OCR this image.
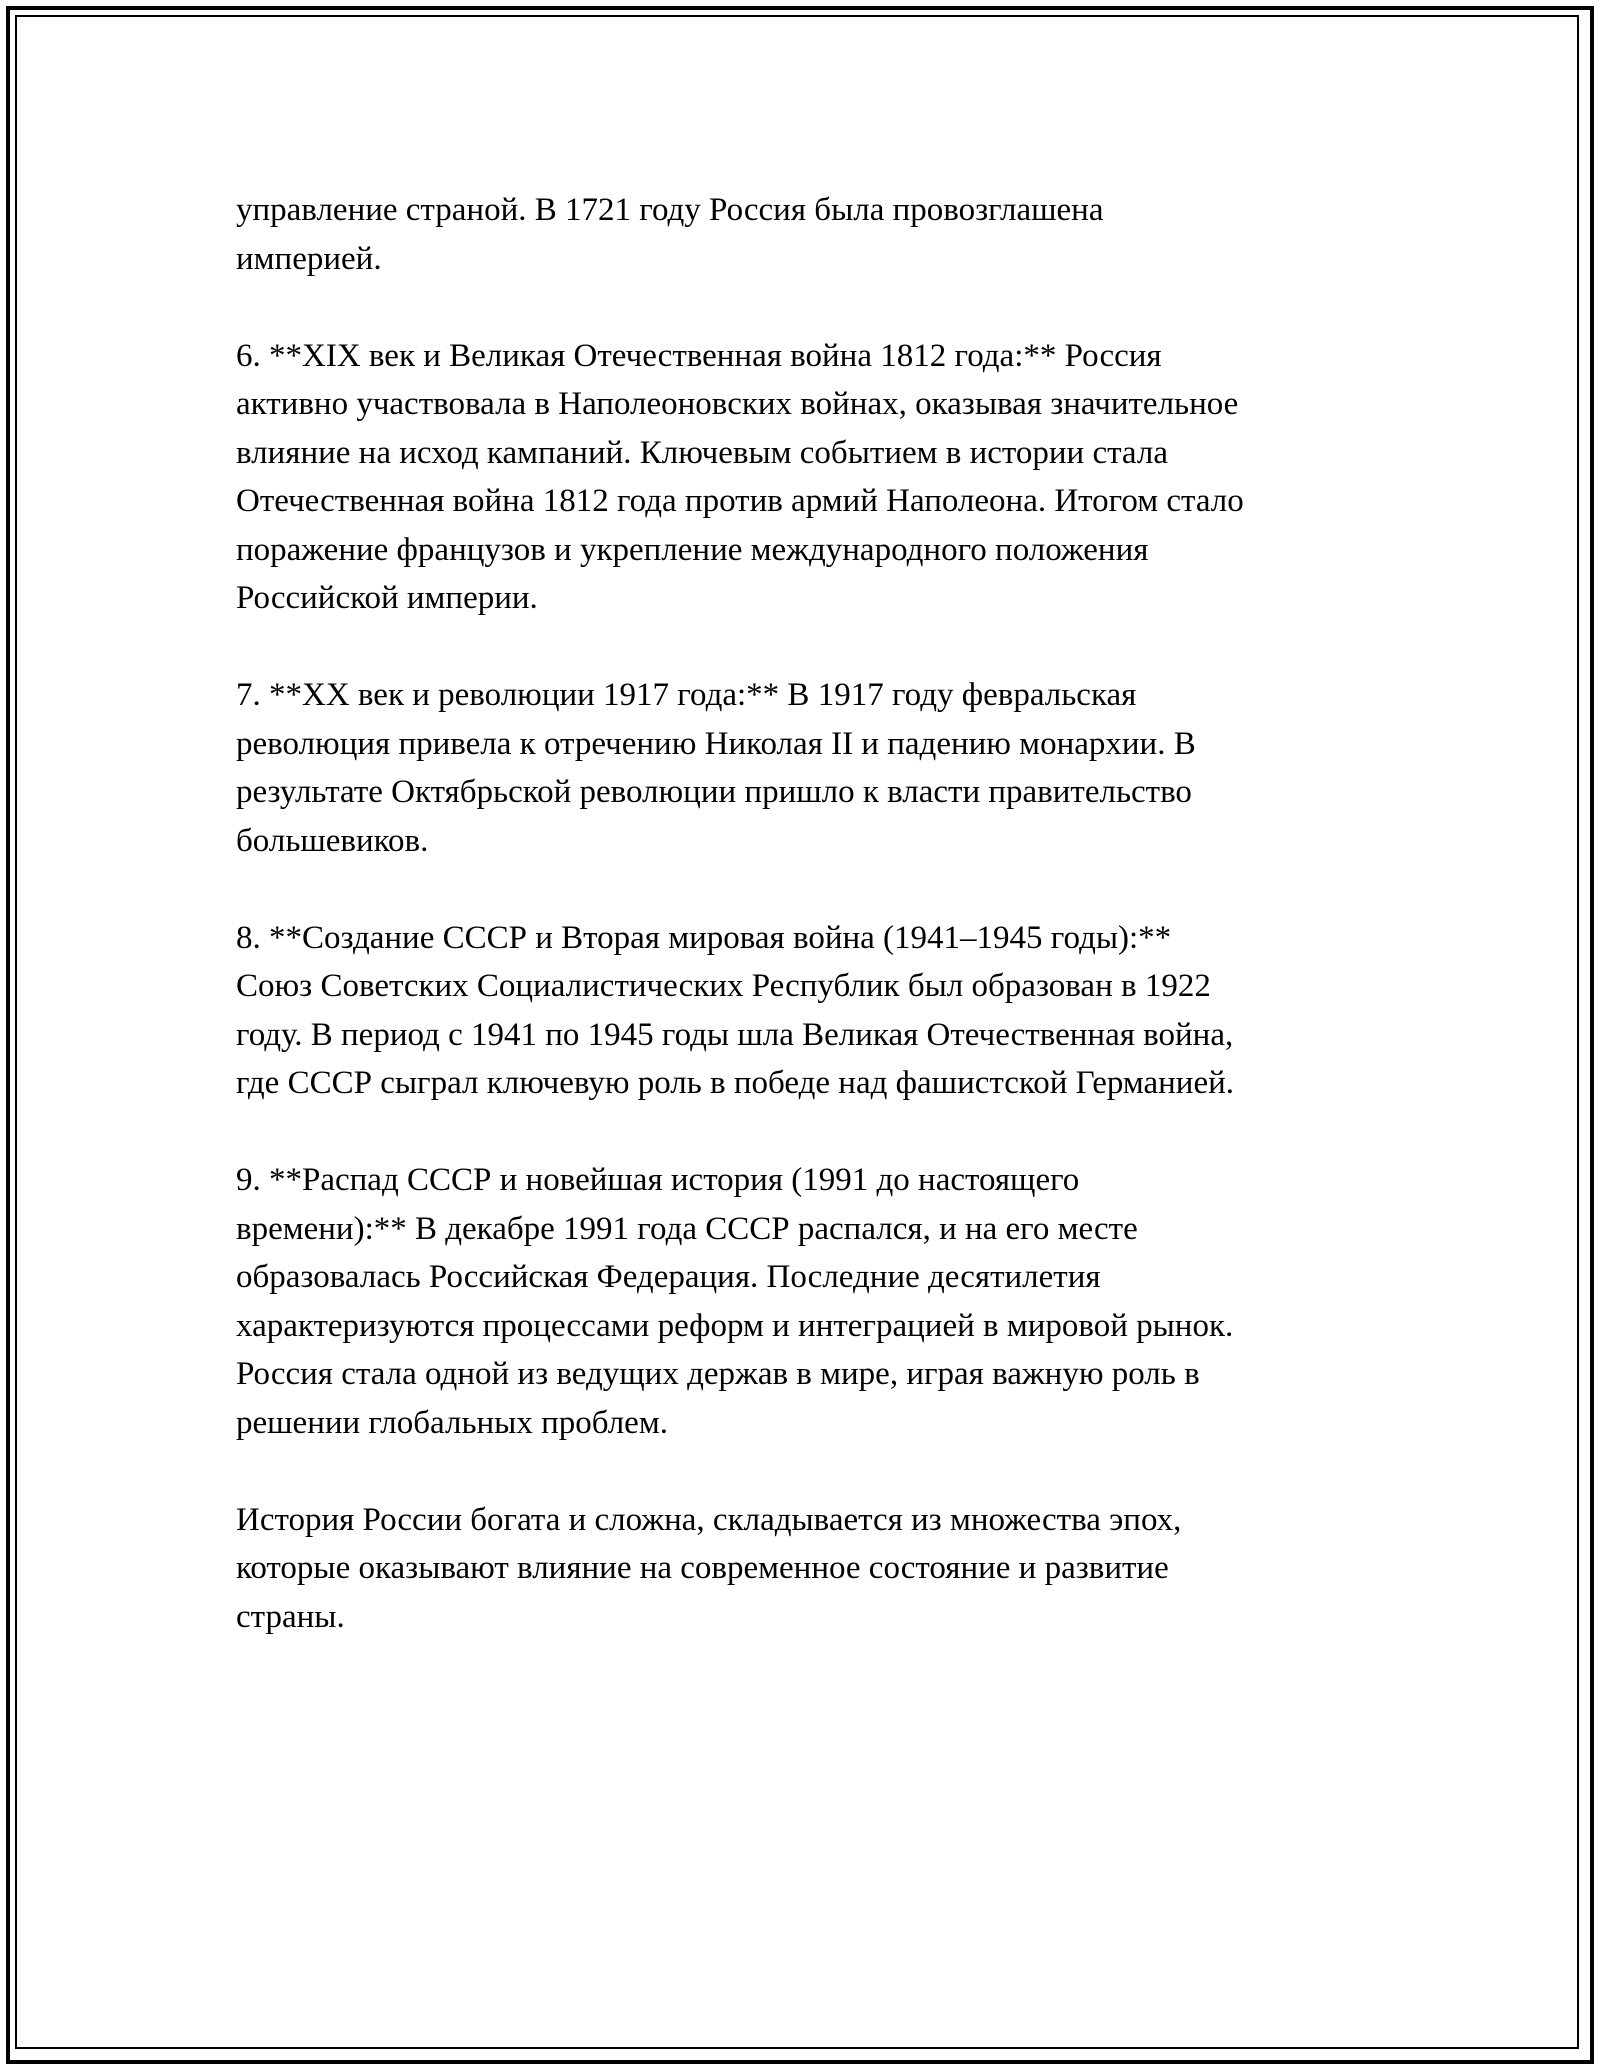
управление страной. В 1721 году Россия была провозглашена
империей.

6. **XIX век и Великая Отечественная война 1812 года:** Россия
активно участвовала в Наполеоновских войнах, оказывая значительное
влияние на исход кампаний. Ключевым событием в истории стала
Отечественная война 1812 года против армий Наполеона. Итогом стало
поражение французов и укрепление международного положения
Российской империи.

7. **XX век и революции 1917 года:** В 1917 году февральская
революция привела к отречению Николая II и падению монархии. В
результате Октябрьской революции пришло к власти правительство
большевиков.

8. **Создание СССР и Вторая мировая война (1941–1945 годы):**
Союз Советских Социалистических Республик был образован в 1922
году. В период с 1941 по 1945 годы шла Великая Отечественная война,
где СССР сыграл ключевую роль в победе над фашистской Германией.

9. **Распад СССР и новейшая история (1991 до настоящего
времени):** В декабре 1991 года СССР распался, и на его месте
образовалась Российская Федерация. Последние десятилетия
характеризуются процессами реформ и интеграцией в мировой рынок.
Россия стала одной из ведущих держав в мире, играя важную роль в
решении глобальных проблем.

История России богата и сложна, складывается из множества эпох,
которые оказывают влияние на современное состояние и развитие
страны.
